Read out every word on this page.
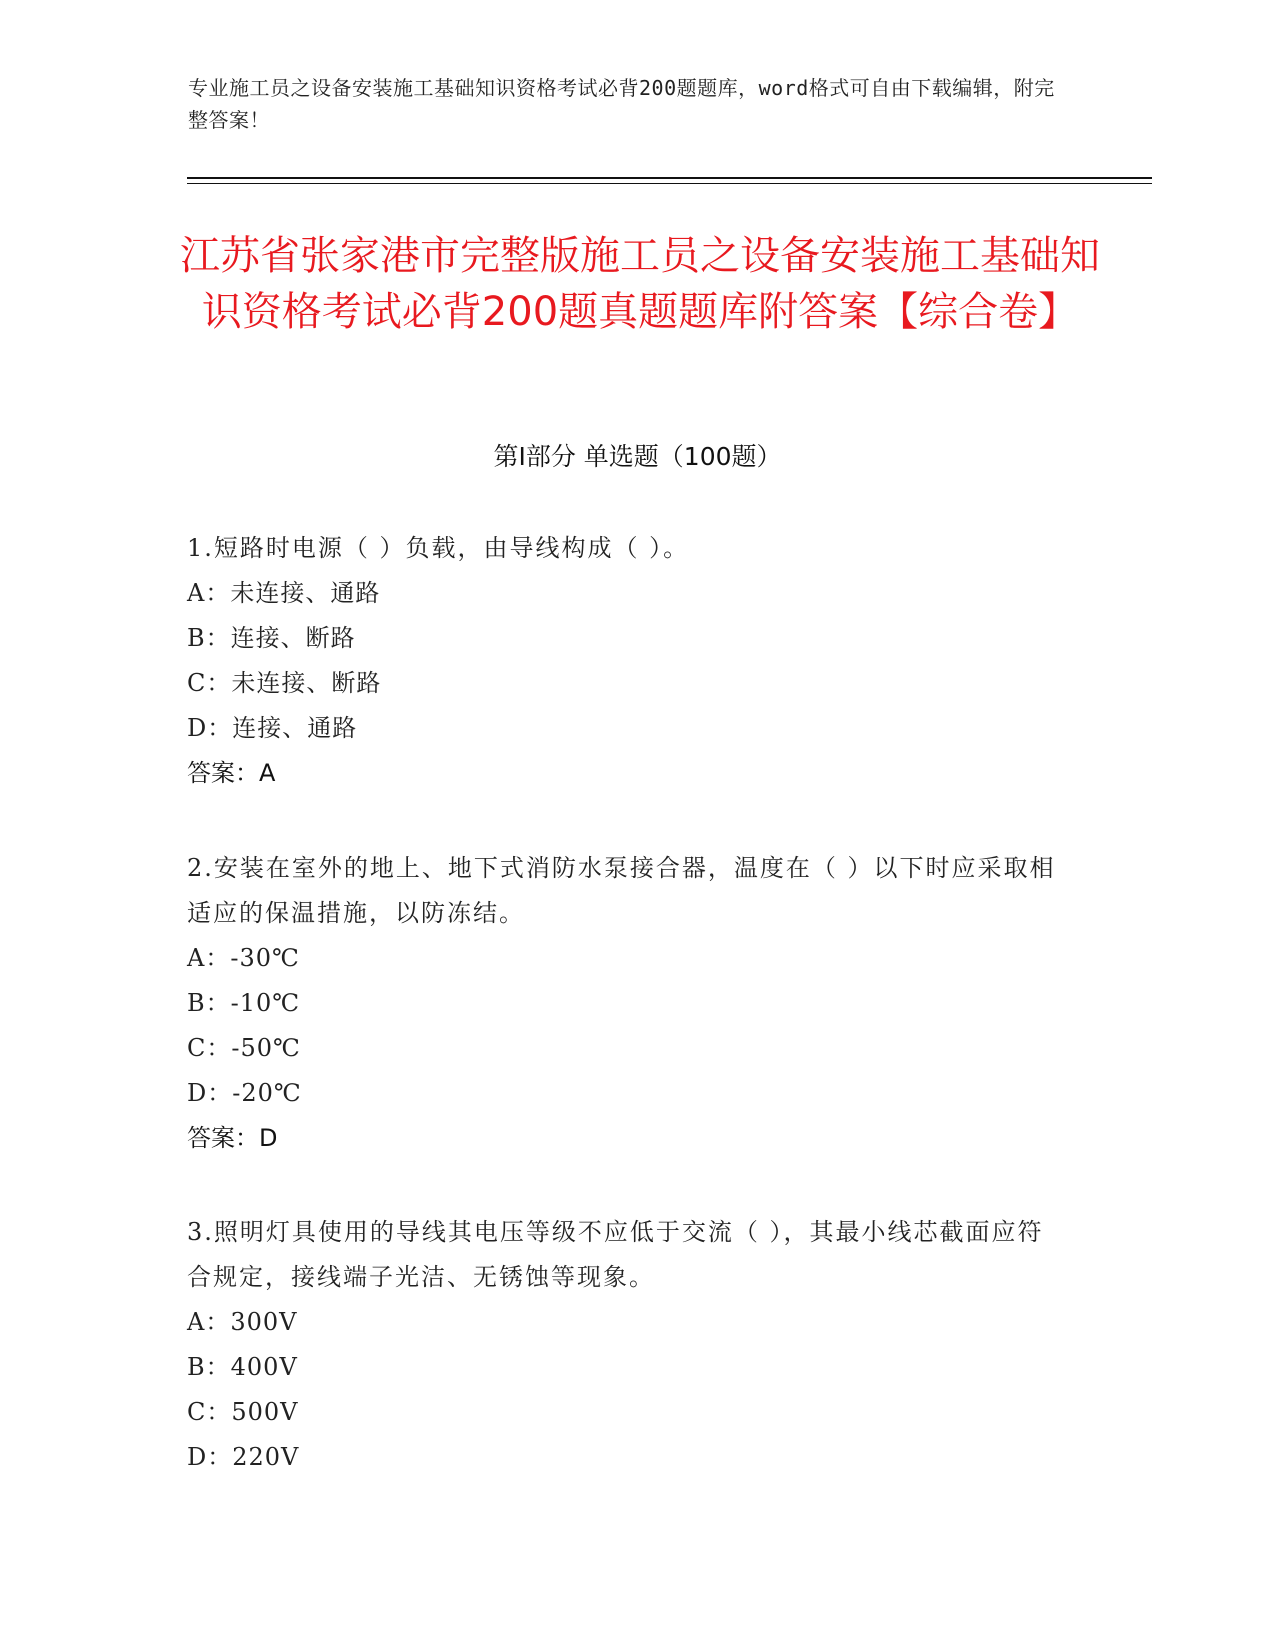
专业施工员之设备安装施工基础知识资格考试必背200题题库，word格式可自由下载编辑，附完整答案！
江苏省张家港市完整版施工员之设备安装施工基础知识资格考试必背200题真题题库附答案【综合卷】
第Ⅰ部分 单选题（100题）
1.短路时电源（ ）负载，由导线构成（ ）。
A：未连接、通路
B：连接、断路
C：未连接、断路
D：连接、通路
答案：A
2.安装在室外的地上、地下式消防水泵接合器，温度在（ ）以下时应采取相适应的保温措施，以防冻结。
A：-30℃
B：-10℃
C：-50℃
D：-20℃
答案：D
3.照明灯具使用的导线其电压等级不应低于交流（ ），其最小线芯截面应符合规定，接线端子光洁、无锈蚀等现象。
A：300V
B：400V
C：500V
D：220V
